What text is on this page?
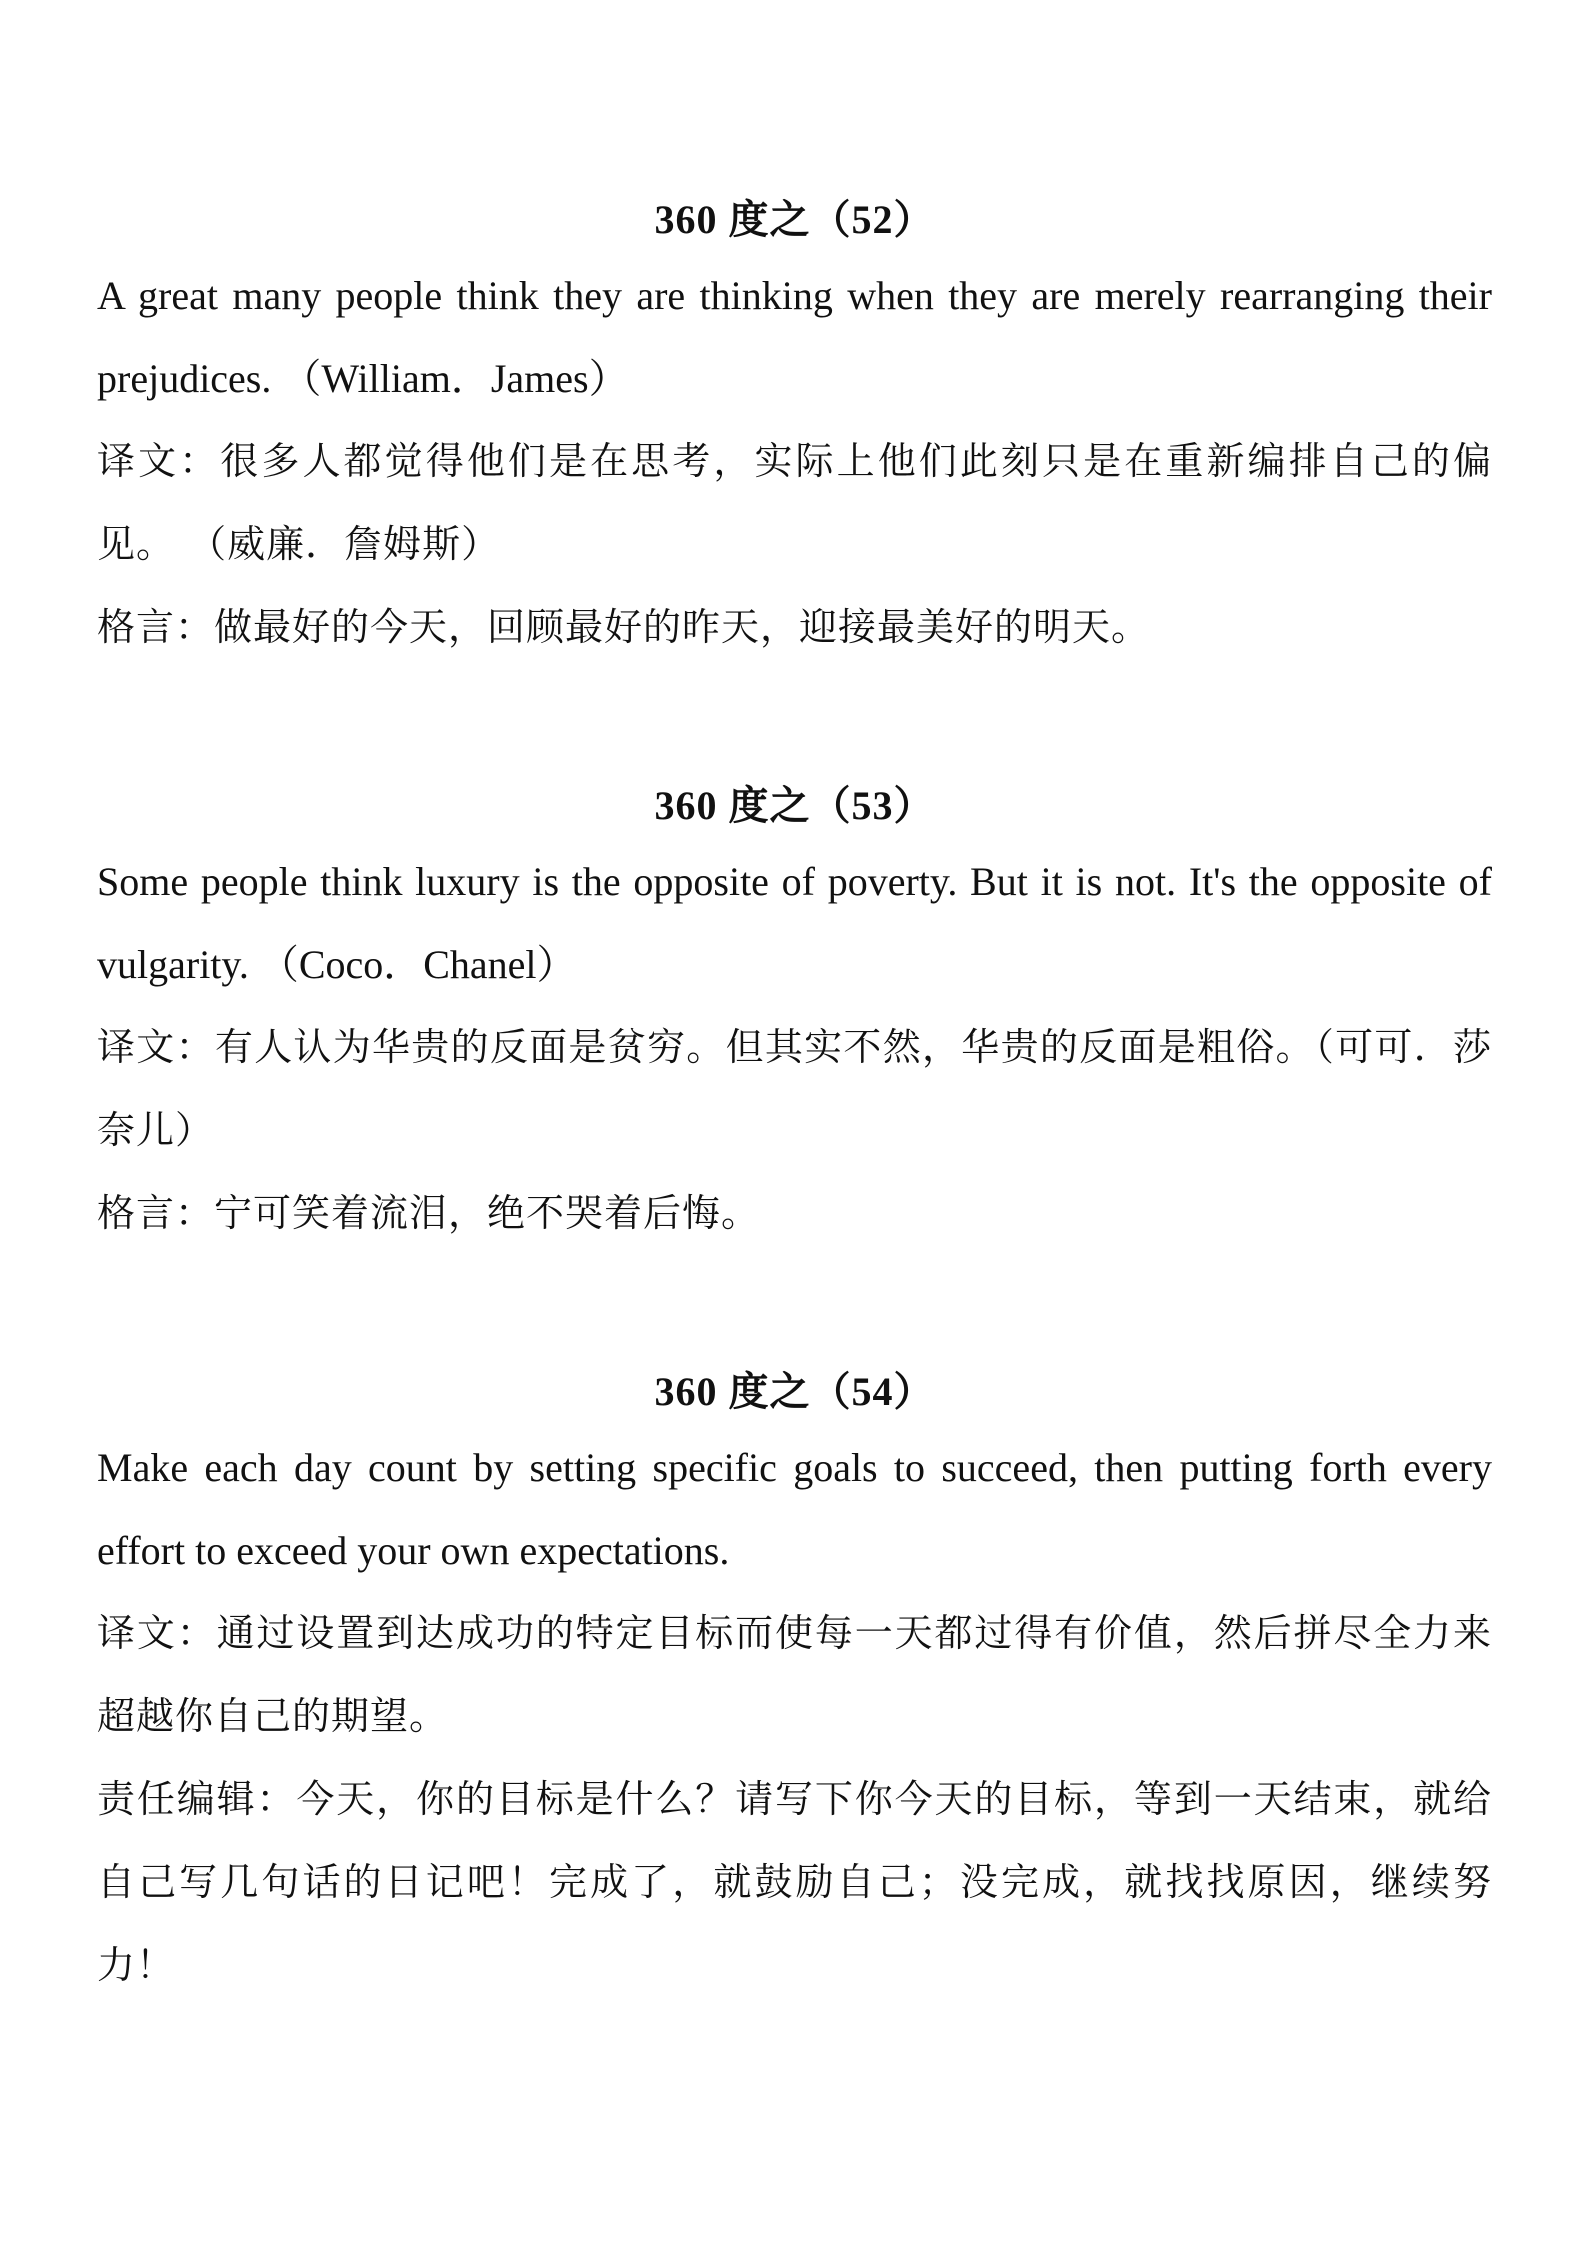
360 度之（52）

A great many people think they are thinking when they are merely rearranging their prejudices. （William．James）

译文：很多人都觉得他们是在思考，实际上他们此刻只是在重新编排自己的偏见。 （威廉．詹姆斯）

格言：做最好的今天，回顾最好的昨天，迎接最美好的明天。

360 度之（53）

Some people think luxury is the opposite of poverty. But it is not. It's the opposite of vulgarity. （Coco．Chanel）

译文：有人认为华贵的反面是贫穷。但其实不然，华贵的反面是粗俗。（可可．莎奈儿）

格言：宁可笑着流泪，绝不哭着后悔。

360 度之（54）

Make each day count by setting specific goals to succeed, then putting forth every effort to exceed your own expectations.

译文：通过设置到达成功的特定目标而使每一天都过得有价值，然后拼尽全力来超越你自己的期望。

责任编辑：今天，你的目标是什么？请写下你今天的目标，等到一天结束，就给自己写几句话的日记吧！完成了，就鼓励自己；没完成，就找找原因，继续努力！
